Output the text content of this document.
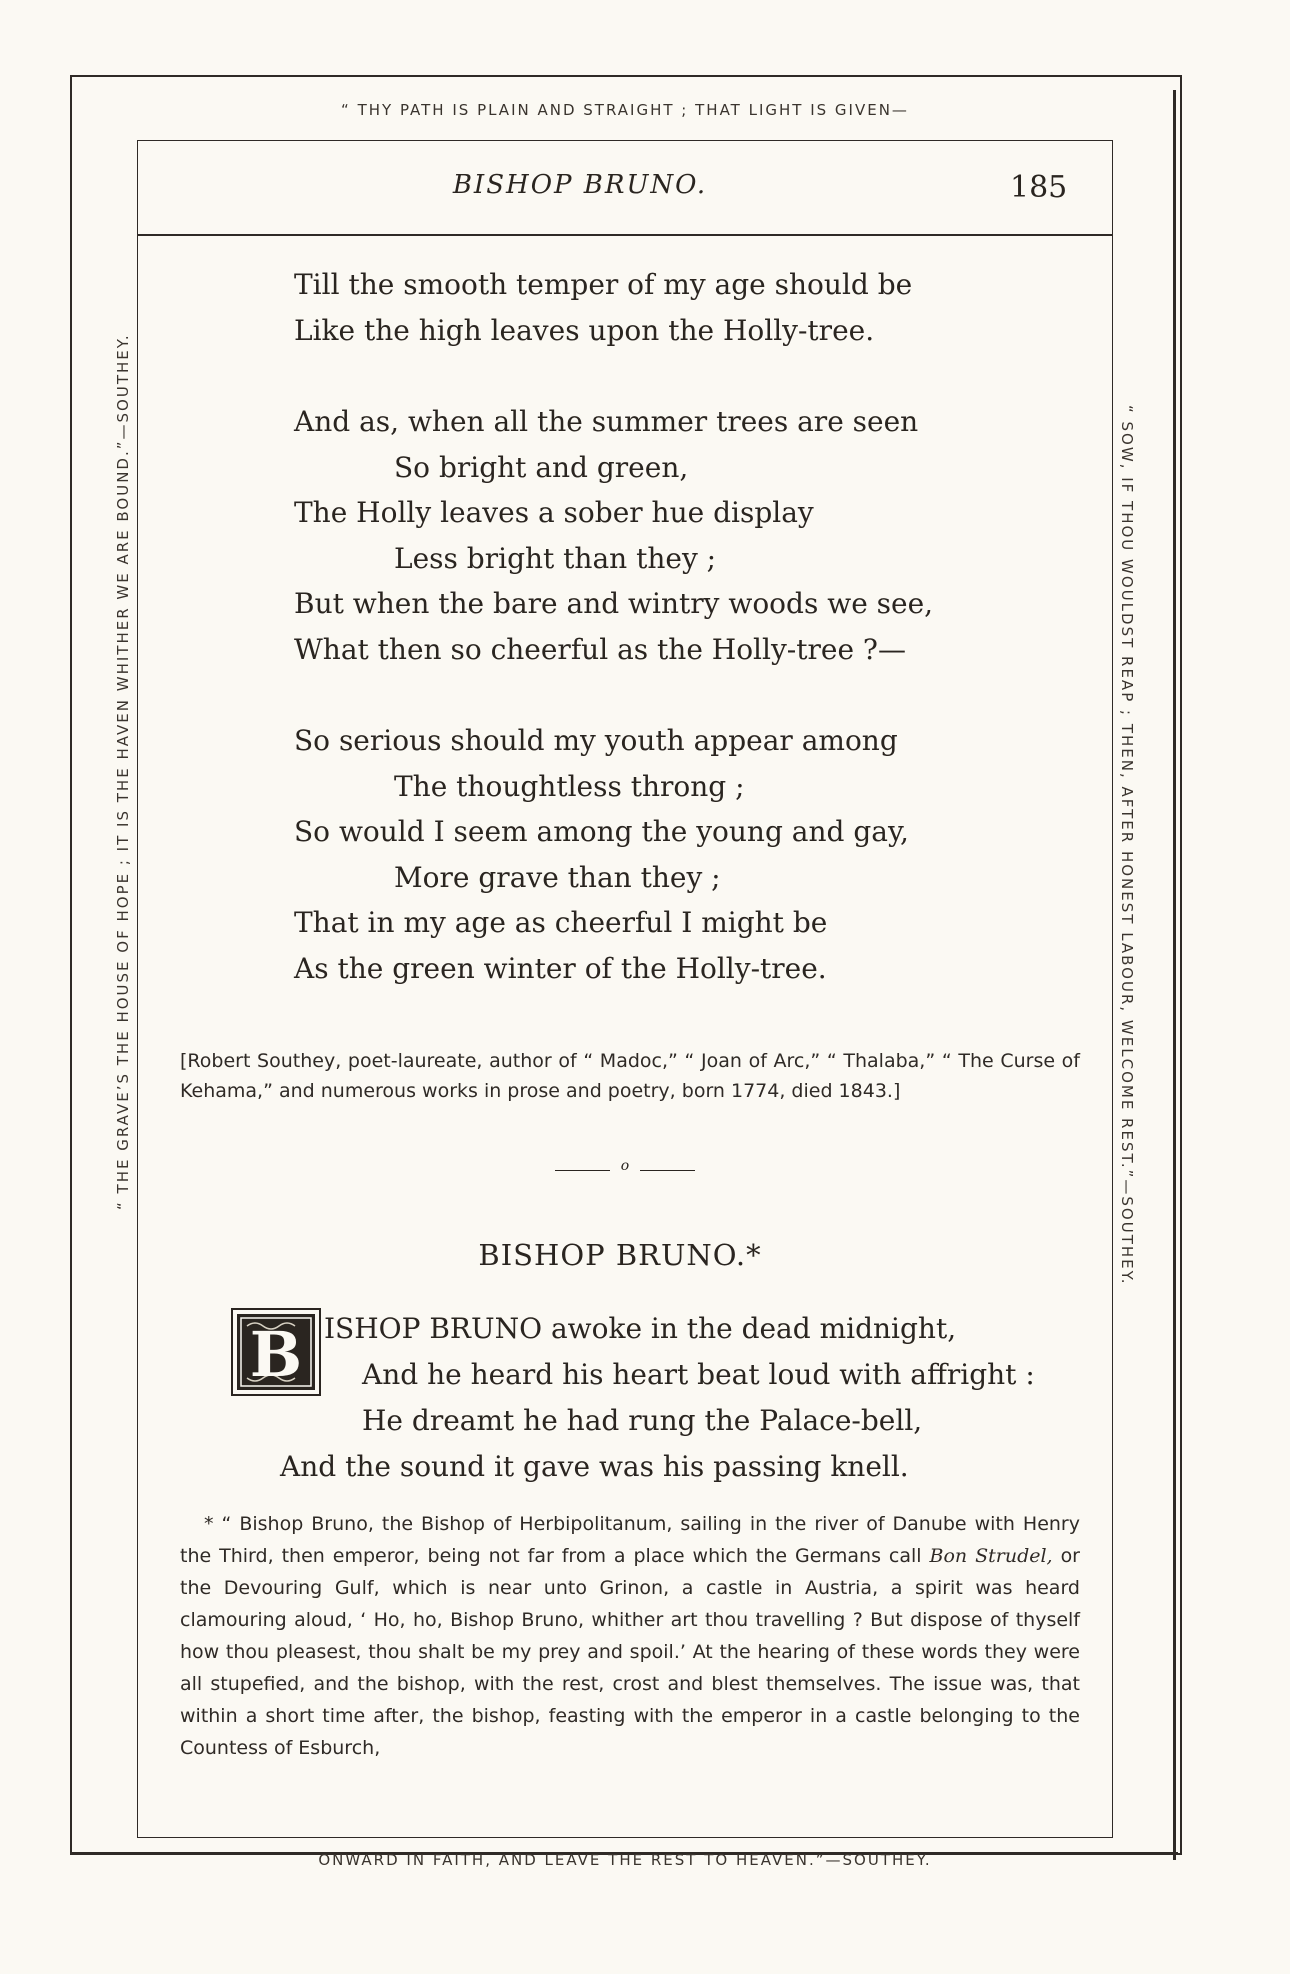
“ THY PATH IS PLAIN AND STRAIGHT ; THAT LIGHT IS GIVEN—
ONWARD IN FAITH, AND LEAVE THE REST TO HEAVEN.”—SOUTHEY.
“ THE GRAVE’S THE HOUSE OF HOPE ; IT IS THE HAVEN WHITHER WE ARE BOUND.”—SOUTHEY.	“ SOW, IF THOU WOULDST REAP ; THEN, AFTER HONEST LABOUR, WELCOME REST.”—SOUTHEY.
BISHOP BRUNO.	185
Till the smooth temper of my age should be
Like the high leaves upon the Holly-tree.
And as, when all the summer trees are seen
So bright and green,
The Holly leaves a sober hue display
Less bright than they ;
But when the bare and wintry woods we see,
What then so cheerful as the Holly-tree ?—
So serious should my youth appear among
The thoughtless throng ;
So would I seem among the young and gay,
More grave than they ;
That in my age as cheerful I might be
As the green winter of the Holly-tree.
[Robert Southey, poet-laureate, author of “ Madoc,” “ Joan of Arc,” “ Thalaba,” “ The Curse of Kehama,” and numerous works in prose and poetry, born 1774, died 1843.]
o
BISHOP BRUNO.*
B ISHOP BRUNO awoke in the dead midnight,
And he heard his heart beat loud with affright :
He dreamt he had rung the Palace-bell,
And the sound it gave was his passing knell.
* “ Bishop Bruno, the Bishop of Herbipolitanum, sailing in the river of Danube with Henry the Third, then emperor, being not far from a place which the Germans call Bon Strudel, or the Devouring Gulf, which is near unto Grinon, a castle in Austria, a spirit was heard clamouring aloud, ‘ Ho, ho, Bishop Bruno, whither art thou travelling ? But dispose of thyself how thou pleasest, thou shalt be my prey and spoil.’ At the hearing of these words they were all stupefied, and the bishop, with the rest, crost and blest themselves. The issue was, that within a short time after, the bishop, feasting with the emperor in a castle belonging to the Countess of Esburch,
